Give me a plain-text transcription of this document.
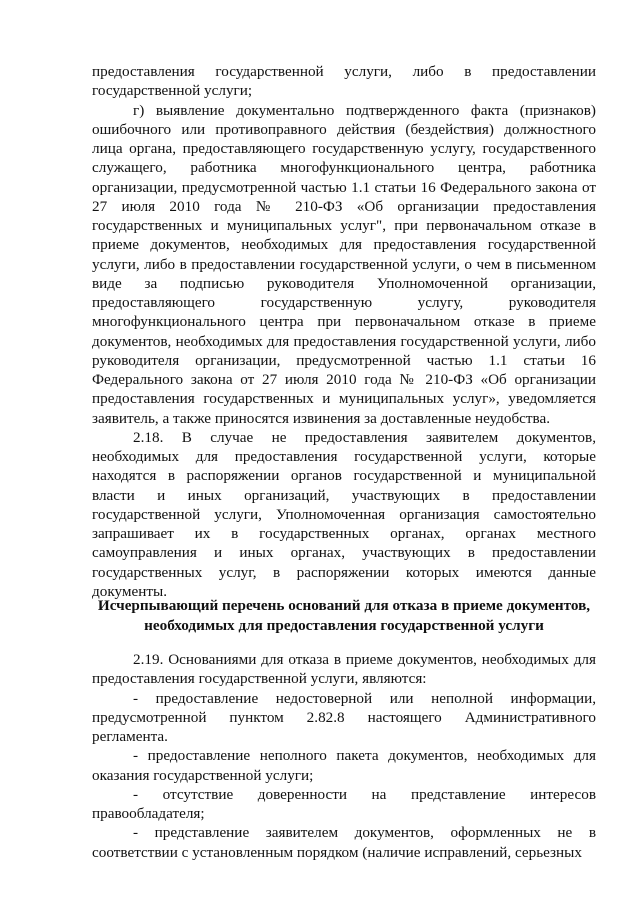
предоставления государственной услуги, либо в предоставлении государственной услуги;

г) выявление документально подтвержденного факта (признаков) ошибочного или противоправного действия (бездействия) должностного лица органа, предоставляющего государственную услугу, государственного служащего, работника многофункционального центра, работника организации, предусмотренной частью 1.1 статьи 16 Федерального закона от 27 июля 2010 года № 210-ФЗ «Об организации предоставления государственных и муниципальных услуг", при первоначальном отказе в приеме документов, необходимых для предоставления государственной услуги, либо в предоставлении государственной услуги, о чем в письменном виде за подписью руководителя Уполномоченной организации, предоставляющего государственную услугу, руководителя многофункционального центра при первоначальном отказе в приеме документов, необходимых для предоставления государственной услуги, либо руководителя организации, предусмотренной частью 1.1 статьи 16 Федерального закона от 27 июля 2010 года № 210-ФЗ «Об организации предоставления государственных и муниципальных услуг», уведомляется заявитель, а также приносятся извинения за доставленные неудобства.

2.18. В случае не предоставления заявителем документов, необходимых для предоставления государственной услуги, которые находятся в распоряжении органов государственной и муниципальной власти и иных организаций, участвующих в предоставлении государственной услуги, Уполномоченная организация самостоятельно запрашивает их в государственных органах, органах местного самоуправления и иных органах, участвующих в предоставлении государственных услуг, в распоряжении которых имеются данные документы.

Исчерпывающий перечень оснований для отказа в приеме документов, необходимых для предоставления государственной услуги

2.19. Основаниями для отказа в приеме документов, необходимых для предоставления государственной услуги, являются:

- предоставление недостоверной или неполной информации, предусмотренной пунктом 2.82.8 настоящего Административного регламента.

- предоставление неполного пакета документов, необходимых для оказания государственной услуги;

- отсутствие доверенности на представление интересов правообладателя;

- представление заявителем документов, оформленных не в соответствии с установленным порядком (наличие исправлений, серьезных
